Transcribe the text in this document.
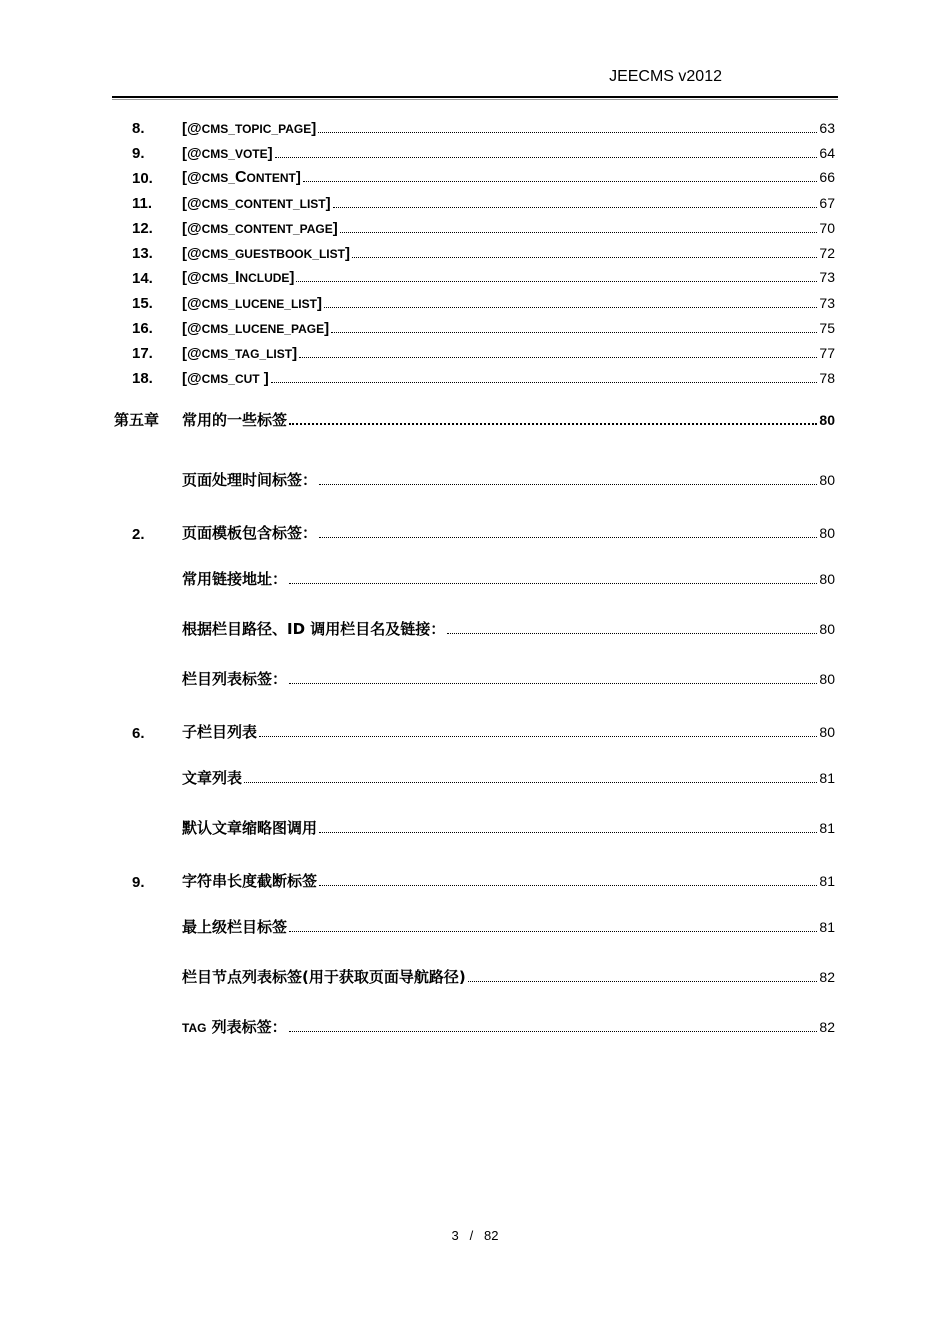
JEECMS v2012
8. [@CMS_TOPIC_PAGE]	63
9. [@CMS_VOTE]	64
10. [@CMS_CONTENT]	66
11. [@CMS_CONTENT_LIST]	67
12. [@CMS_CONTENT_PAGE]	70
13. [@CMS_GUESTBOOK_LIST]	72
14. [@CMS_INCLUDE]	73
15. [@CMS_LUCENE_LIST]	73
16. [@CMS_LUCENE_PAGE]	75
17. [@CMS_TAG_LIST]	77
18. [@CMS_CUT ]	78
第五章 常用的一些标签	80
页面处理时间标签：	80
2. 页面模板包含标签：	80
常用链接地址：	80
根据栏目路径、ID 调用栏目名及链接：	80
栏目列表标签：	80
6. 子栏目列表	80
文章列表	81
默认文章缩略图调用	81
9. 字符串长度截断标签	81
最上级栏目标签	81
栏目节点列表标签(用于获取页面导航路径)	82
TAG 列表标签：	82
3 / 82
